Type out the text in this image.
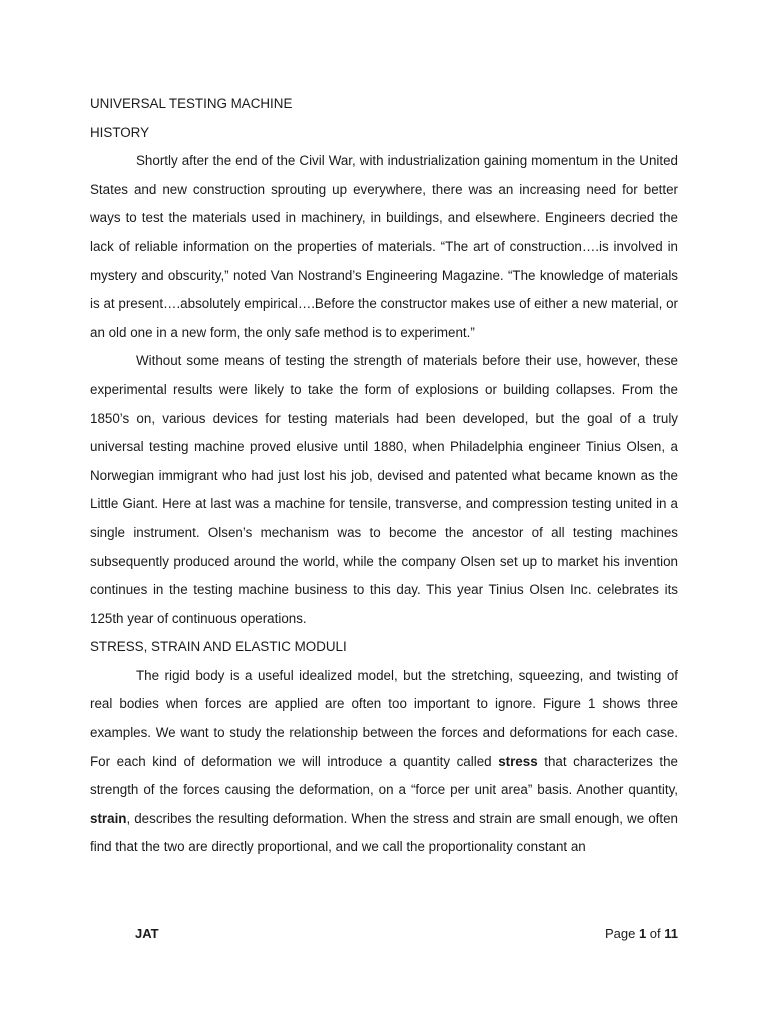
UNIVERSAL TESTING MACHINE

HISTORY

Shortly after the end of the Civil War, with industrialization gaining momentum in the United States and new construction sprouting up everywhere, there was an increasing need for better ways to test the materials used in machinery, in buildings, and elsewhere. Engineers decried the lack of reliable information on the properties of materials. “The art of construction….is involved in mystery and obscurity,” noted Van Nostrand’s Engineering Magazine. “The knowledge of materials is at present….absolutely empirical….Before the constructor makes use of either a new material, or an old one in a new form, the only safe method is to experiment.”

Without some means of testing the strength of materials before their use, however, these experimental results were likely to take the form of explosions or building collapses. From the 1850’s on, various devices for testing materials had been developed, but the goal of a truly universal testing machine proved elusive until 1880, when Philadelphia engineer Tinius Olsen, a Norwegian immigrant who had just lost his job, devised and patented what became known as the Little Giant. Here at last was a machine for tensile, transverse, and compression testing united in a single instrument. Olsen’s mechanism was to become the ancestor of all testing machines subsequently produced around the world, while the company Olsen set up to market his invention continues in the testing machine business to this day. This year Tinius Olsen Inc. celebrates its 125th year of continuous operations.

STRESS, STRAIN AND ELASTIC MODULI

The rigid body is a useful idealized model, but the stretching, squeezing, and twisting of real bodies when forces are applied are often too important to ignore. Figure 1 shows three examples. We want to study the relationship between the forces and deformations for each case. For each kind of deformation we will introduce a quantity called stress that characterizes the strength of the forces causing the deformation, on a “force per unit area” basis. Another quantity, strain, describes the resulting deformation. When the stress and strain are small enough, we often find that the two are directly proportional, and we call the proportionality constant an

JAT	Page 1 of 11
